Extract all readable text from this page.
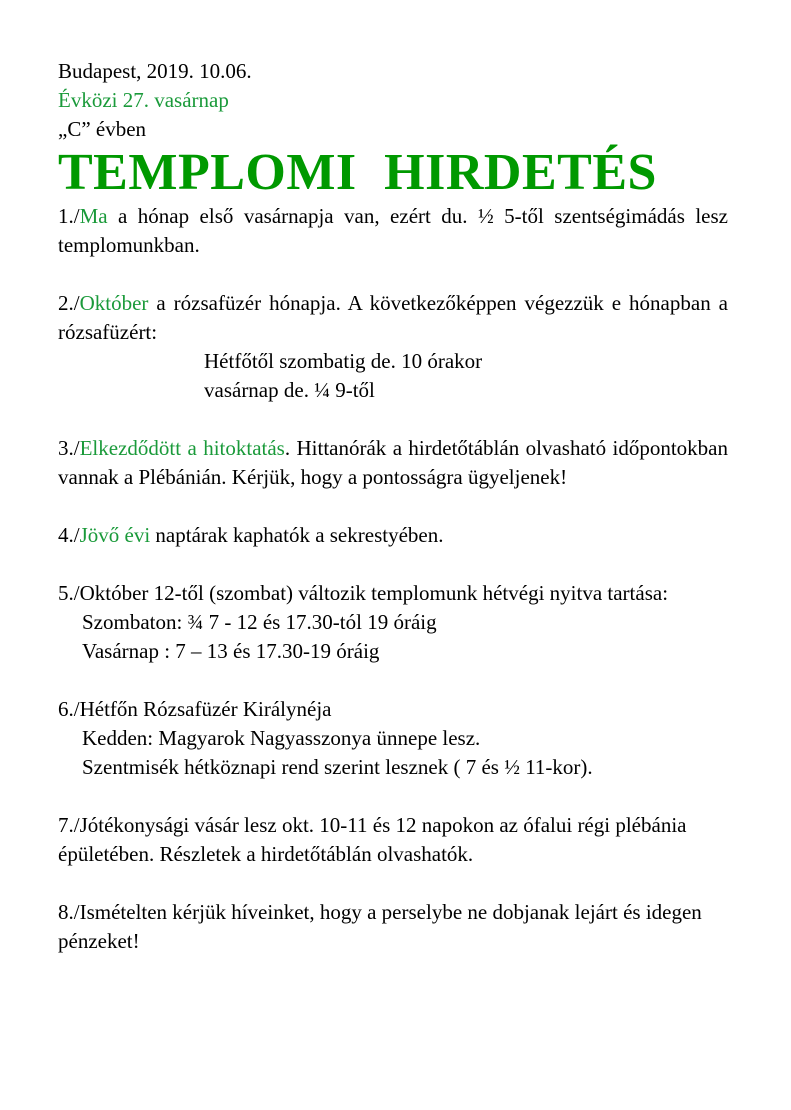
Budapest, 2019. 10.06.
Évközi 27. vasárnap
„C” évben
TEMPLOMI HIRDETÉS

1./Ma a hónap első vasárnapja van, ezért du. ½ 5-től szentségimádás lesz templomunkban.

2./Október a rózsafüzér hónapja. A következőképpen végezzük e hónapban a rózsafüzért:

Hétfőtől szombatig de. 10 órakor
vasárnap de. ¼ 9-től

3./Elkezdődött a hitoktatás. Hittanórák a hirdetőtáblán olvasható időpontokban vannak a Plébánián. Kérjük, hogy a pontosságra ügyeljenek!

4./Jövő évi naptárak kaphatók a sekrestyében.

5./Október 12-től (szombat) változik templomunk hétvégi nyitva tartása:

Szombaton: ¾ 7 - 12 és 17.30-tól 19 óráig
Vasárnap : 7 – 13 és 17.30-19 óráig

6./Hétfőn Rózsafüzér Királynéja

Kedden: Magyarok Nagyasszonya ünnepe lesz.
Szentmisék hétköznapi rend szerint lesznek ( 7 és ½ 11-kor).

7./Jótékonysági vásár lesz okt. 10-11 és 12 napokon az ófalui régi plébánia épületében. Részletek a hirdetőtáblán olvashatók.

8./Ismételten kérjük híveinket, hogy a perselybe ne dobjanak lejárt és idegen pénzeket!
